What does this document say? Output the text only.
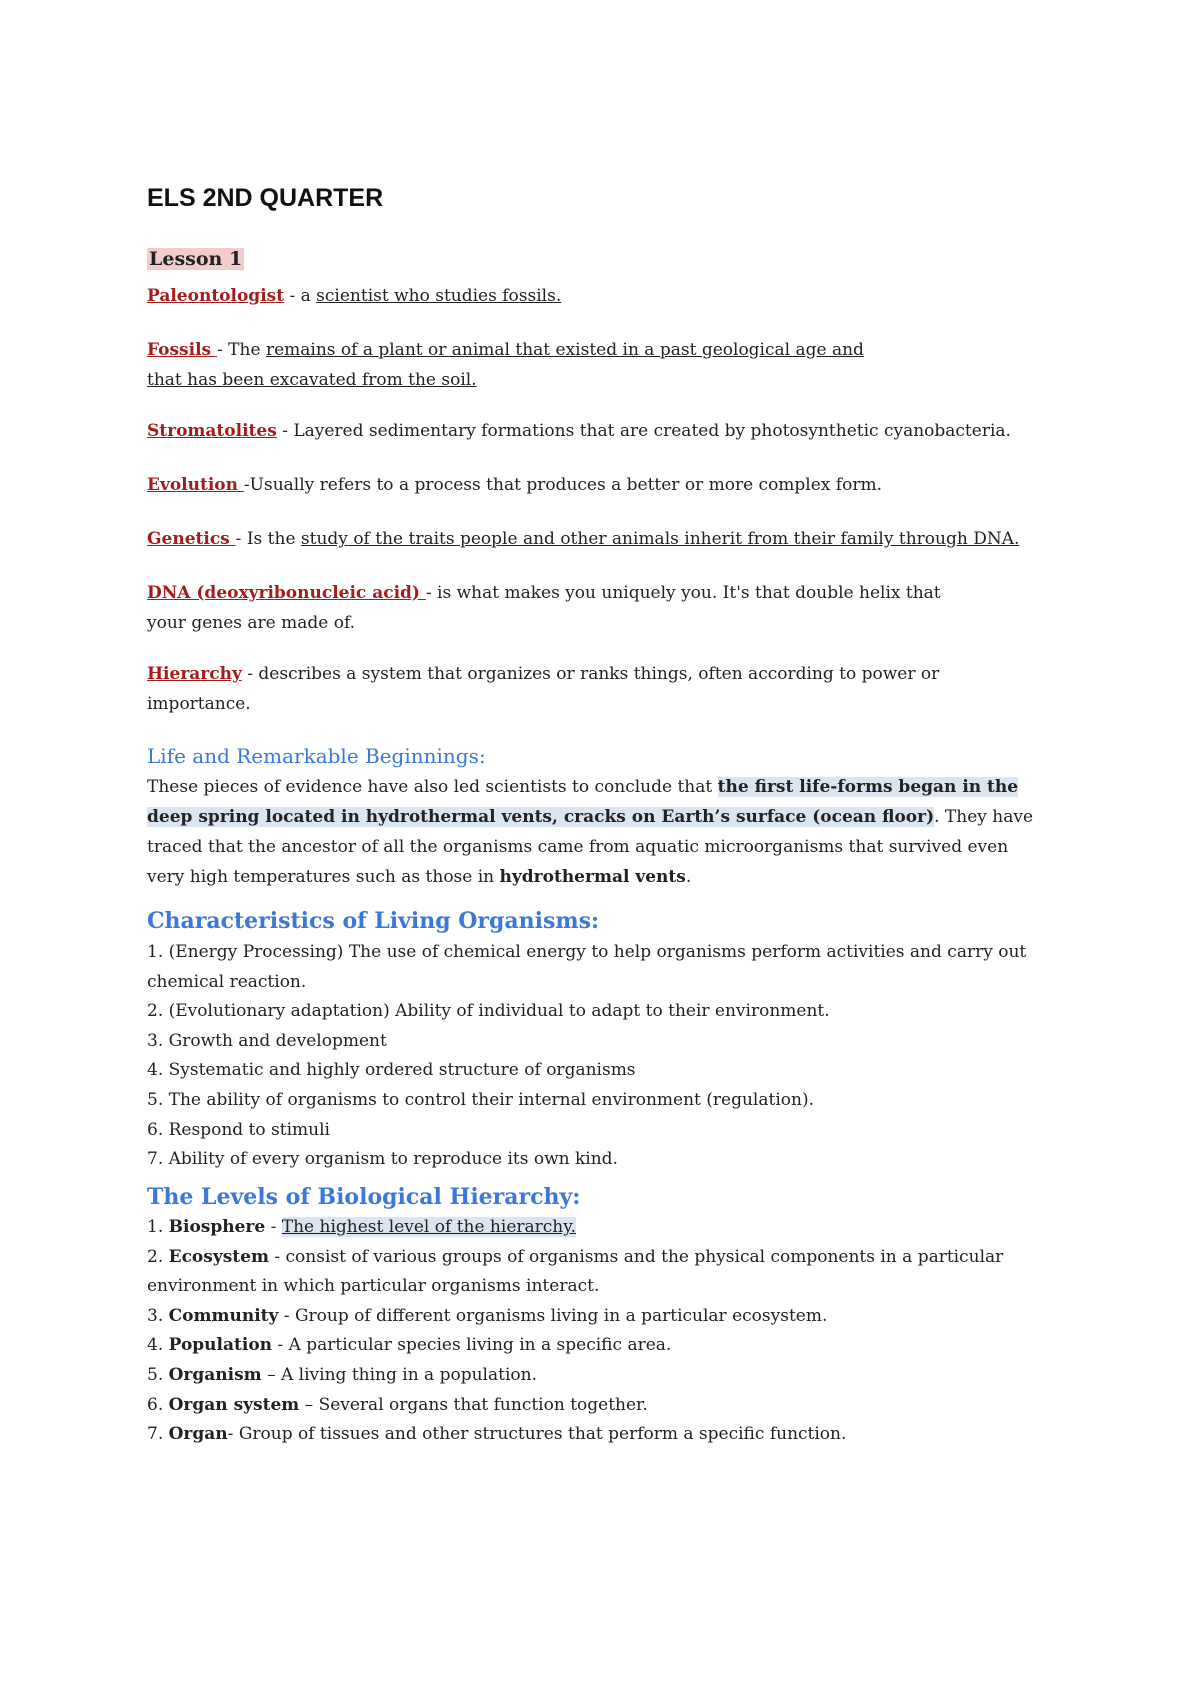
ELS 2ND QUARTER
Lesson 1
Paleontologist - a scientist who studies fossils.
Fossils - The remains of a plant or animal that existed in a past geological age and
that has been excavated from the soil.
Stromatolites - Layered sedimentary formations that are created by photosynthetic cyanobacteria.
Evolution -Usually refers to a process that produces a better or more complex form.
Genetics - Is the study of the traits people and other animals inherit from their family through DNA.
DNA (deoxyribonucleic acid) - is what makes you uniquely you. It's that double helix that your genes are made of.
Hierarchy - describes a system that organizes or ranks things, often according to power or importance.
Life and Remarkable Beginnings:
These pieces of evidence have also led scientists to conclude that the first life-forms began in the deep spring located in hydrothermal vents, cracks on Earth’s surface (ocean floor). They have traced that the ancestor of all the organisms came from aquatic microorganisms that survived even very high temperatures such as those in hydrothermal vents.
Characteristics of Living Organisms:
1. (Energy Processing) The use of chemical energy to help organisms perform activities and carry out chemical reaction.
2. (Evolutionary adaptation) Ability of individual to adapt to their environment.
3. Growth and development
4. Systematic and highly ordered structure of organisms
5. The ability of organisms to control their internal environment (regulation).
6. Respond to stimuli
7. Ability of every organism to reproduce its own kind.
The Levels of Biological Hierarchy:
1. Biosphere - The highest level of the hierarchy.
2. Ecosystem - consist of various groups of organisms and the physical components in a particular environment in which particular organisms interact.
3. Community - Group of different organisms living in a particular ecosystem.
4. Population - A particular species living in a specific area.
5. Organism – A living thing in a population.
6. Organ system – Several organs that function together.
7. Organ- Group of tissues and other structures that perform a specific function.
